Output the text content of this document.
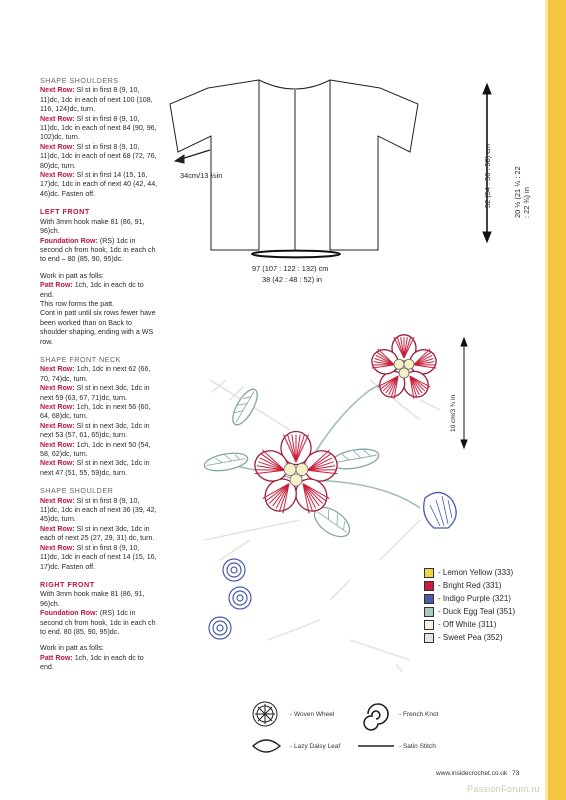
SHAPE SHOULDERS

Next Row: Sl st in first 8 (9, 10, 11)dc, 1dc in each of next 100 (108, 116, 124)dc, turn.

Next Row: Sl st in first 8 (9, 10, 11)dc, 1dc in each of next 84 (90, 96, 102)dc, turn.

Next Row: Sl st in first 8 (9, 10, 11)dc, 1dc in each of next 68 (72, 76, 80)dc, turn.

Next Row: Sl st in first 14 (15, 16, 17)dc, 1dc in each of next 40 (42, 44, 46)dc. Fasten off.

LEFT FRONT

With 3mm hook make 81 (86, 91, 96)ch.

Foundation Row: (RS) 1dc in second ch from hook, 1dc in each ch to end – 80 (85, 90, 95)dc.

Work in patt as folls:

Patt Row: 1ch, 1dc in each dc to end.

This row forms the patt.

Cont in patt until six rows fewer have been worked than on Back to shoulder shaping, ending with a WS row.

SHAPE FRONT NECK

Next Row: 1ch, 1dc in next 62 (66, 70, 74)dc, turn.

Next Row: Sl st in next 3dc, 1dc in next 59 (63, 67, 71)dc, turn.

Next Row: 1ch, 1dc in next 56 (60, 64, 68)dc, turn.

Next Row: Sl st in next 3dc, 1dc in next 53 (57, 61, 65)dc, turn.

Next Row: 1ch, 1dc in next 50 (54, 58, 62)dc, turn.

Next Row: Sl st in next 3dc, 1dc in next 47 (51, 55, 59)dc, turn.

SHAPE SHOULDER

Next Row: Sl st in first 8 (9, 10, 11)dc, 1dc in each of next 36 (39, 42, 45)dc, turn.

Next Row: Sl st in next 3dc, 1dc in each of next 25 (27, 29, 31) dc, turn.

Next Row: Sl st in first 8 (9, 10, 11)dc, 1dc in each of next 14 (15, 16, 17)dc. Fasten off.

RIGHT FRONT

With 3mm hook make 81 (86, 91, 96)ch.

Foundation Row: (RS) 1dc in second ch from hook, 1dc in each ch to end. 80 (85, 90, 95)dc.

Work in patt as folls:

Patt Row: 1ch, 1dc in each dc to end.

34cm/13 ½in
97 (107 : 122 : 132) cm
38 (42 : 48 : 52) in
52 (54 : 56 : 58) cm	20 ½ (21 ¼ : 22 : 22 ¾) in
10 cm/3 ¾ in
- Lemon Yellow (333)
- Bright Red (331)
- Indigo Purple (321)
- Duck Egg Teal (351)
- Off White (311)
- Sweet Pea (352)
- Woven Wheel	- French Knot
- Lazy Daisy Leaf	- Satin Stitch
www.insidecrochet.co.uk 73
PassionForum.ru
